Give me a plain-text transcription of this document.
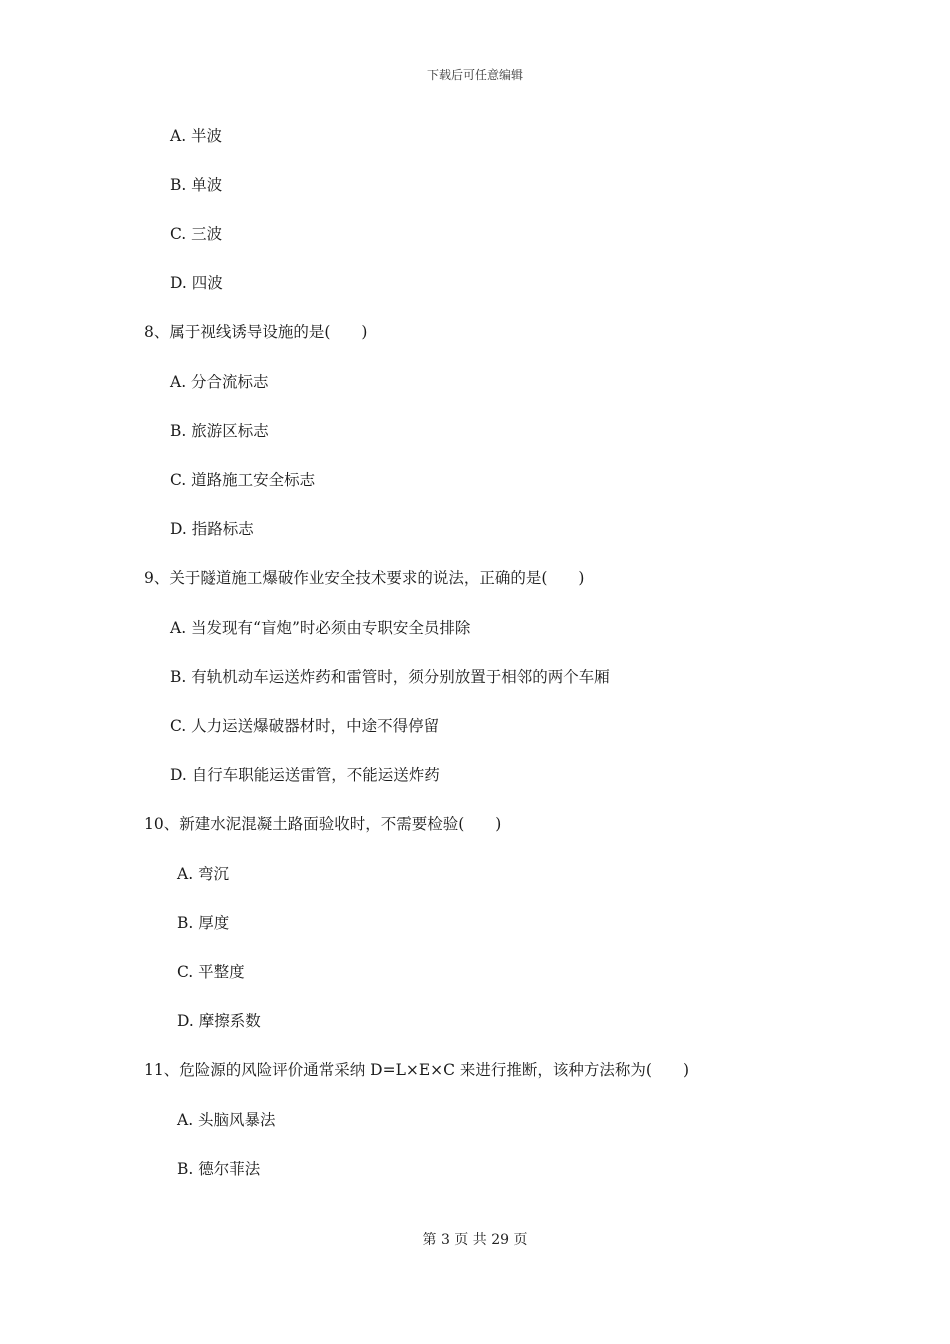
下载后可任意编辑
A. 半波
B. 单波
C. 三波
D. 四波
8、属于视线诱导设施的是(　　)
A. 分合流标志
B. 旅游区标志
C. 道路施工安全标志
D. 指路标志
9、关于隧道施工爆破作业安全技术要求的说法，正确的是(　　)
A. 当发现有“盲炮”时必须由专职安全员排除
B. 有轨机动车运送炸药和雷管时，须分别放置于相邻的两个车厢
C. 人力运送爆破器材时，中途不得停留
D. 自行车职能运送雷管，不能运送炸药
10、新建水泥混凝土路面验收时，不需要检验(　　)
A. 弯沉
B. 厚度
C. 平整度
D. 摩擦系数
11、危险源的风险评价通常采纳 D=L×E×C 来进行推断，该种方法称为(　　)
A. 头脑风暴法
B. 德尔菲法
第 3 页 共 29 页
